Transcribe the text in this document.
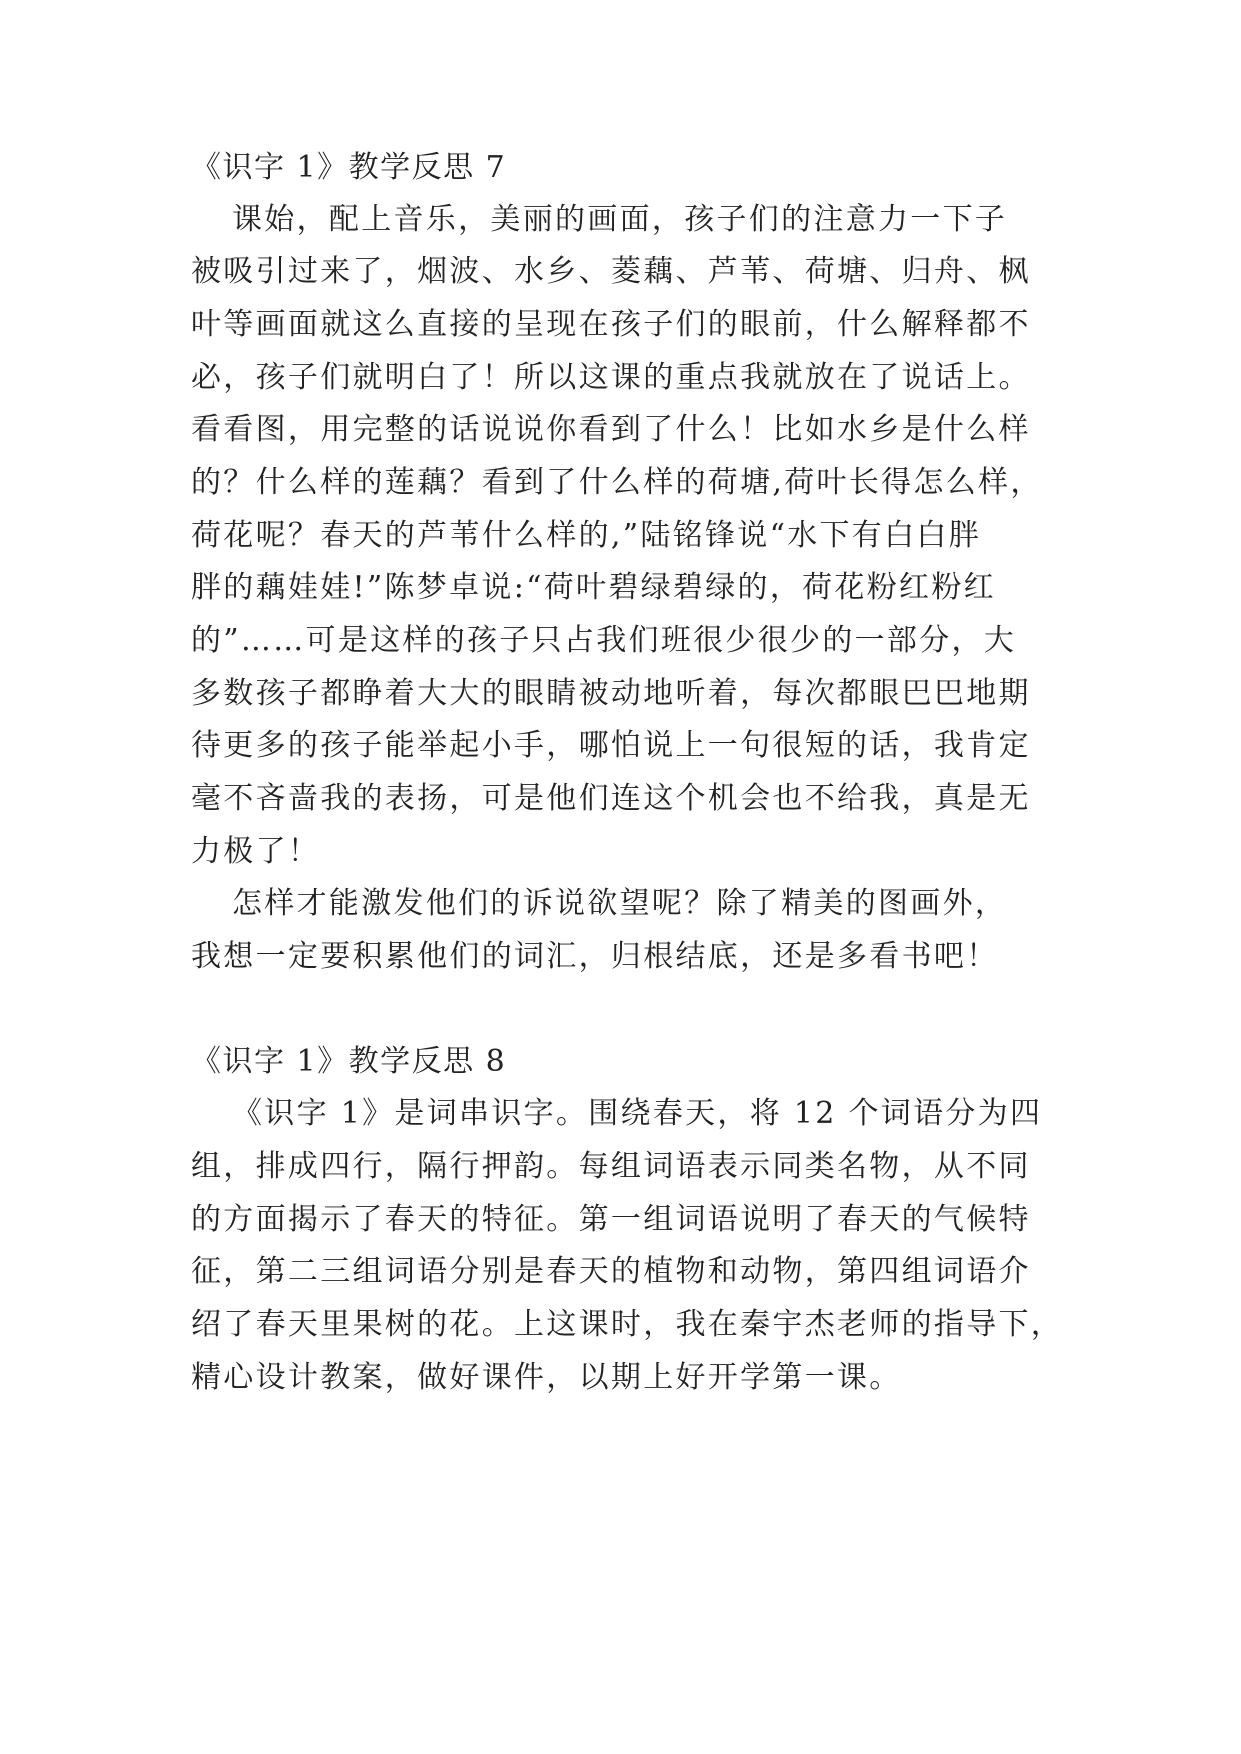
《识字 1》教学反思 7

课始，配上音乐，美丽的画面，孩子们的注意力一下子

被吸引过来了，烟波、水乡、菱藕、芦苇、荷塘、归舟、枫

叶等画面就这么直接的呈现在孩子们的眼前，什么解释都不

必，孩子们就明白了！所以这课的重点我就放在了说话上。

看看图，用完整的话说说你看到了什么！比如水乡是什么样

的？什么样的莲藕？看到了什么样的荷塘,荷叶长得怎么样，

荷花呢？春天的芦苇什么样的,”陆铭锋说“水下有白白胖

胖的藕娃娃!”陈梦卓说:“荷叶碧绿碧绿的，荷花粉红粉红

的”……可是这样的孩子只占我们班很少很少的一部分，大

多数孩子都睁着大大的眼睛被动地听着，每次都眼巴巴地期

待更多的孩子能举起小手，哪怕说上一句很短的话，我肯定

毫不吝啬我的表扬，可是他们连这个机会也不给我，真是无

力极了！

怎样才能激发他们的诉说欲望呢？除了精美的图画外，

我想一定要积累他们的词汇，归根结底，还是多看书吧！

《识字 1》教学反思 8

《识字 1》是词串识字。围绕春天，将 12 个词语分为四

组，排成四行，隔行押韵。每组词语表示同类名物，从不同

的方面揭示了春天的特征。第一组词语说明了春天的气候特

征，第二三组词语分别是春天的植物和动物，第四组词语介

绍了春天里果树的花。上这课时，我在秦宇杰老师的指导下，

精心设计教案，做好课件，以期上好开学第一课。
